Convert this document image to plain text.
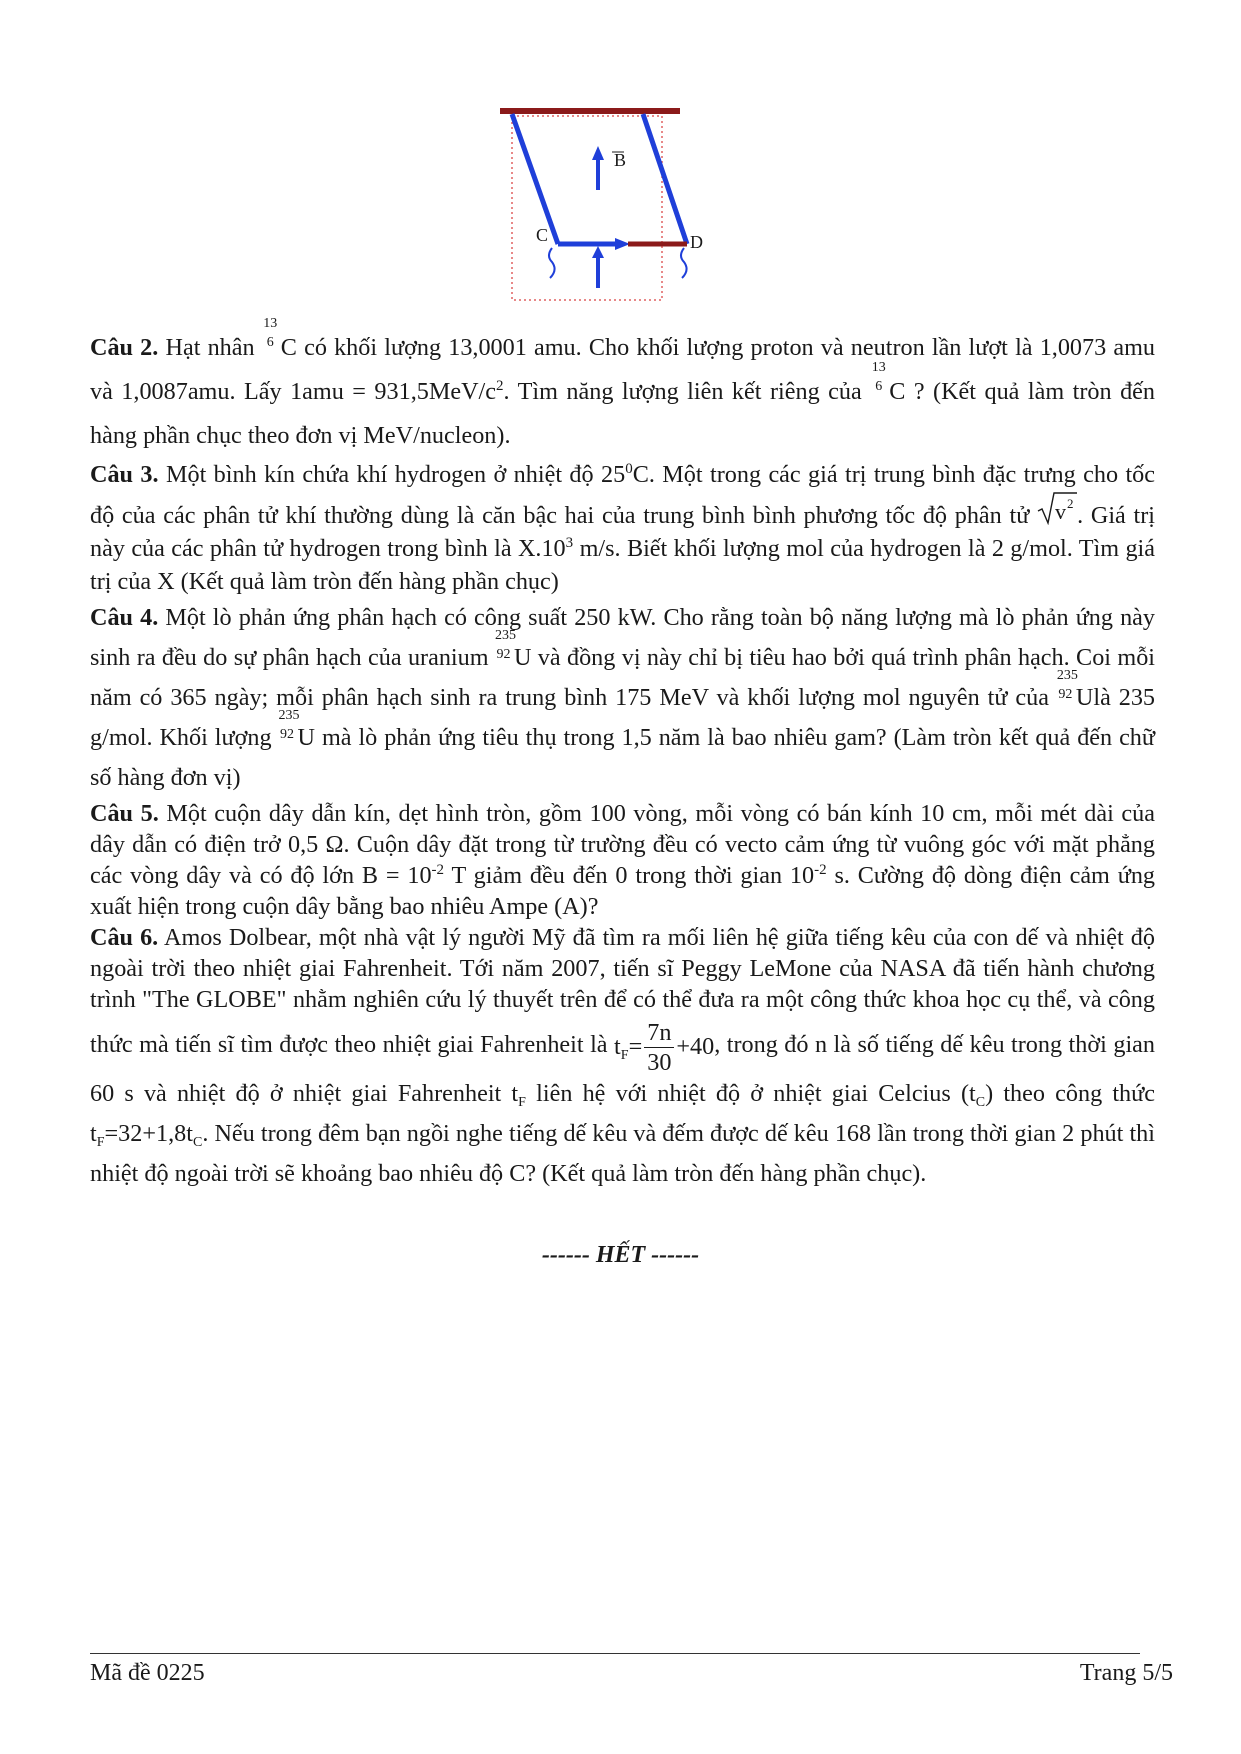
B
C	D

Câu 2. Hạt nhân
13
6 C có khối lượng 13,0001 amu. Cho khối lượng proton và neutron lần lượt là 1,0073 amu và 1,0087amu. Lấy $1amu = 931,5MeV/c^2$. Tìm năng lượng liên kết riêng của
13
6 C ? (Kết quả làm tròn đến hàng phần chục theo đơn vị MeV/nucleon).

Câu 3. Một bình kín chứa khí hydrogen ở nhiệt độ $25^0C$. Một trong các giá trị trung bình đặc trưng cho tốc độ của các phân tử khí thường dùng là căn bậc hai của trung bình bình phương tốc độ phân tử v 2 . Giá trị này của các phân tử hydrogen trong bình là $X.10^3$ m/s. Biết khối lượng mol của hydrogen là 2 g/mol. Tìm giá trị của X (Kết quả làm tròn đến hàng phần chục)

Câu 4. Một lò phản ứng phân hạch có công suất 250 kW. Cho rằng toàn bộ năng lượng mà lò phản ứng này sinh ra đều do sự phân hạch của uranium
235
92 U và đồng vị này chỉ bị tiêu hao bởi quá trình phân hạch. Coi mỗi năm có 365 ngày; mỗi phân hạch sinh ra trung bình 175 MeV và khối lượng mol nguyên tử của
235
92 Ulà 235 g/mol. Khối lượng
235
92 U mà lò phản ứng tiêu thụ trong 1,5 năm là bao nhiêu gam? (Làm tròn kết quả đến chữ số hàng đơn vị)

Câu 5. Một cuộn dây dẫn kín, dẹt hình tròn, gồm 100 vòng, mỗi vòng có bán kính 10 cm, mỗi mét dài của dây dẫn có điện trở 0,5 Ω. Cuộn dây đặt trong từ trường đều có vecto cảm ứng từ vuông góc với mặt phẳng các vòng dây và có độ lớn $B = 10^{-2}$ T giảm đều đến 0 trong thời gian $10^{-2}$ s. Cường độ dòng điện cảm ứng xuất hiện trong cuộn dây bằng bao nhiêu Ampe (A)?

Câu 6. Amos Dolbear, một nhà vật lý người Mỹ đã tìm ra mối liên hệ giữa tiếng kêu của con dế và nhiệt độ ngoài trời theo nhiệt giai Fahrenheit. Tới năm 2007, tiến sĩ Peggy LeMone của NASA đã tiến hành chương trình "The GLOBE" nhằm nghiên cứu lý thuyết trên để có thể đưa ra một công thức khoa học cụ thể, và công thức mà tiến sĩ tìm được theo nhiệt giai Fahrenheit là $t_F= \frac{7n}{30} +40$, trong đó n là số tiếng dế kêu trong thời gian 60 s và nhiệt độ ở nhiệt giai Fahrenheit $t_F$ liên hệ với nhiệt độ ở nhiệt giai Celcius $(t_C)$ theo công thức $t_F=32+1,8t_C$. Nếu trong đêm bạn ngồi nghe tiếng dế kêu và đếm được dế kêu 168 lần trong thời gian 2 phút thì nhiệt độ ngoài trời sẽ khoảng bao nhiêu độ C? (Kết quả làm tròn đến hàng phần chục).

------ HẾT ------
Mã đề 0225	Trang 5/5
